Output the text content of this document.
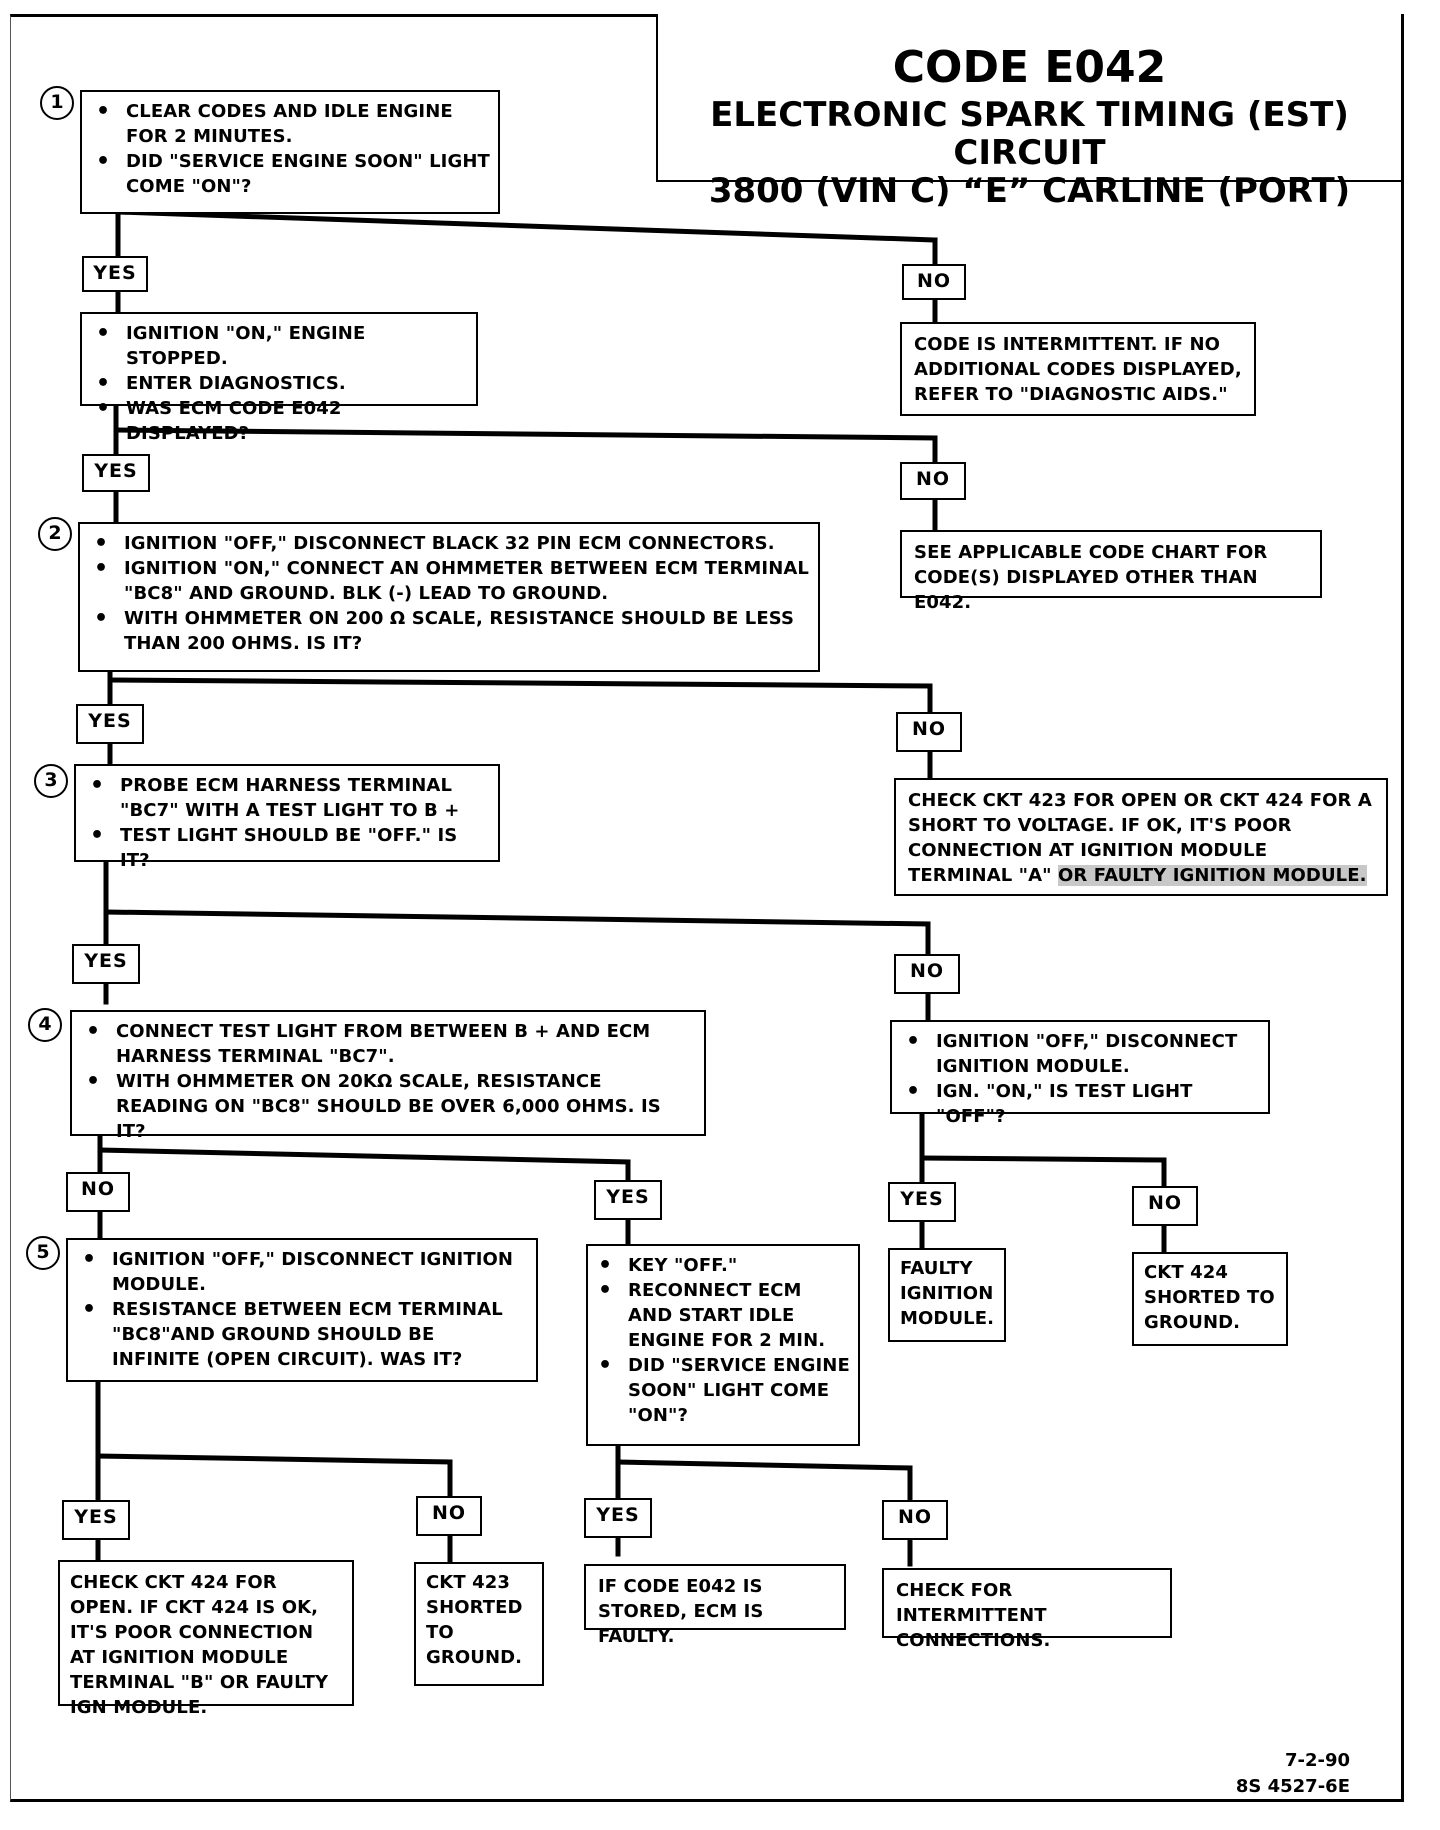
CODE E042
ELECTRONIC SPARK TIMING (EST) CIRCUIT
3800 (VIN C) “E” CARLINE (PORT)
1	• CLEAR CODES AND IDLE ENGINE FOR 2 MINUTES.
• DID "SERVICE ENGINE SOON" LIGHT COME "ON"?
YES	NO
CODE IS INTERMITTENT. IF NO ADDITIONAL CODES DISPLAYED, REFER TO "DIAGNOSTIC AIDS."
• IGNITION "ON," ENGINE STOPPED.
• ENTER DIAGNOSTICS.
• WAS ECM CODE E042 DISPLAYED?
YES	NO
SEE APPLICABLE CODE CHART FOR CODE(S) DISPLAYED OTHER THAN E042.
2	• IGNITION "OFF," DISCONNECT BLACK 32 PIN ECM CONNECTORS.
• IGNITION "ON," CONNECT AN OHMMETER BETWEEN ECM TERMINAL "BC8" AND GROUND. BLK (-) LEAD TO GROUND.
• WITH OHMMETER ON 200 Ω SCALE, RESISTANCE SHOULD BE LESS THAN 200 OHMS. IS IT?
YES	NO
CHECK CKT 423 FOR OPEN OR CKT 424 FOR A SHORT TO VOLTAGE. IF OK, IT'S POOR CONNECTION AT IGNITION MODULE TERMINAL "A" OR FAULTY IGNITION MODULE.
3	• PROBE ECM HARNESS TERMINAL "BC7" WITH A TEST LIGHT TO B +
• TEST LIGHT SHOULD BE "OFF." IS IT?
YES	NO
• IGNITION "OFF," DISCONNECT IGNITION MODULE.
• IGN. "ON," IS TEST LIGHT "OFF"?
YES	NO
FAULTY IGNITION MODULE.
CKT 424 SHORTED TO GROUND.
4	• CONNECT TEST LIGHT FROM BETWEEN B + AND ECM HARNESS TERMINAL "BC7".
• WITH OHMMETER ON 20KΩ SCALE, RESISTANCE READING ON "BC8" SHOULD BE OVER 6,000 OHMS. IS IT?
NO	YES
• KEY "OFF."
• RECONNECT ECM AND START IDLE ENGINE FOR 2 MIN.
• DID "SERVICE ENGINE SOON" LIGHT COME "ON"?
YES	NO
IF CODE E042 IS STORED, ECM IS FAULTY.
CHECK FOR INTERMITTENT CONNECTIONS.
5	• IGNITION "OFF," DISCONNECT IGNITION MODULE.
• RESISTANCE BETWEEN ECM TERMINAL "BC8"AND GROUND SHOULD BE INFINITE (OPEN CIRCUIT). WAS IT?
YES	NO
CHECK CKT 424 FOR OPEN. IF CKT 424 IS OK, IT'S POOR CONNECTION AT IGNITION MODULE TERMINAL "B" OR FAULTY IGN MODULE.
CKT 423 SHORTED TO GROUND.
7-2-90
8S 4527-6E
